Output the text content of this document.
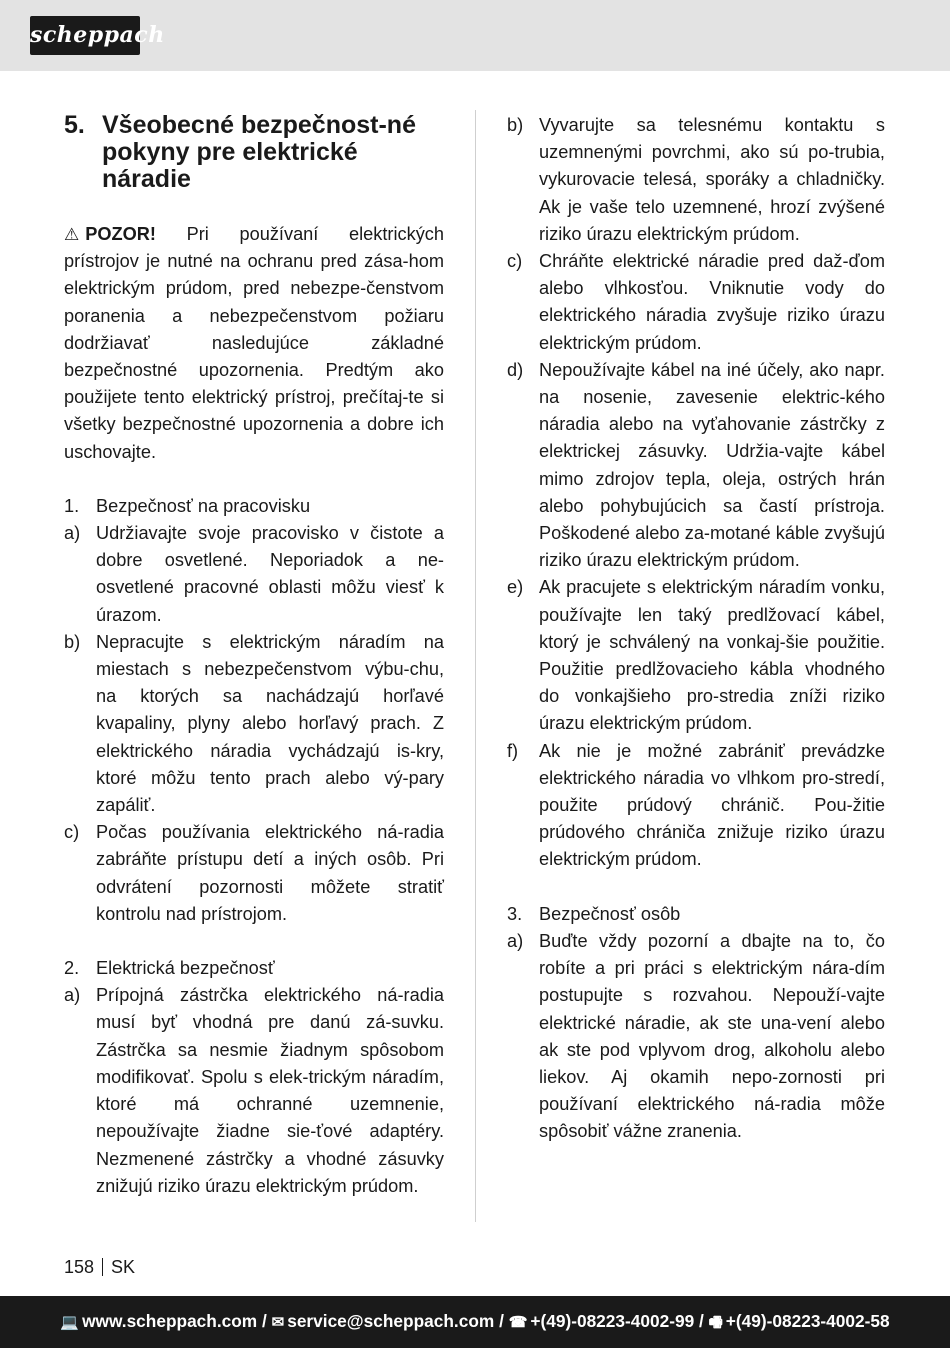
scheppach
5. Všeobecné bezpečnost-né pokyny pre elektrické náradie
⚠ POZOR! Pri používaní elektrických prístrojov je nutné na ochranu pred zása-hom elektrickým prúdom, pred nebezpe-čenstvom poranenia a nebezpečenstvom požiaru dodržiavať nasledujúce základné bezpečnostné upozornenia. Predtým ako použijete tento elektrický prístroj, prečítaj-te si všetky bezpečnostné upozornenia a dobre ich uschovajte.
1. Bezpečnosť na pracovisku
a) Udržiavajte svoje pracovisko v čistote a dobre osvetlené. Neporiadok a ne-osvetlené pracovné oblasti môžu viesť k úrazom.
b) Nepracujte s elektrickým náradím na miestach s nebezpečenstvom výbu-chu, na ktorých sa nachádzajú horľavé kvapaliny, plyny alebo horľavý prach. Z elektrického náradia vychádzajú is-kry, ktoré môžu tento prach alebo vý-pary zapáliť.
c) Počas používania elektrického ná-radia zabráňte prístupu detí a iných osôb. Pri odvrátení pozornosti môžete stratiť kontrolu nad prístrojom.
2. Elektrická bezpečnosť
a) Prípojná zástrčka elektrického ná-radia musí byť vhodná pre danú zá-suvku. Zástrčka sa nesmie žiadnym spôsobom modifikovať. Spolu s elek-trickým náradím, ktoré má ochranné uzemnenie, nepoužívajte žiadne sie-ťové adaptéry. Nezmenené zástrčky a vhodné zásuvky znižujú riziko úrazu elektrickým prúdom.
b) Vyvarujte sa telesnému kontaktu s uzemnenými povrchmi, ako sú po-trubia, vykurovacie telesá, sporáky a chladničky. Ak je vaše telo uzemnené, hrozí zvýšené riziko úrazu elektrickým prúdom.
c) Chráňte elektrické náradie pred daž-ďom alebo vlhkosťou. Vniknutie vody do elektrického náradia zvyšuje riziko úrazu elektrickým prúdom.
d) Nepoužívajte kábel na iné účely, ako napr. na nosenie, zavesenie elektric-kého náradia alebo na vyťahovanie zástrčky z elektrickej zásuvky. Udržia-vajte kábel mimo zdrojov tepla, oleja, ostrých hrán alebo pohybujúcich sa častí prístroja. Poškodené alebo za-motané káble zvyšujú riziko úrazu elektrickým prúdom.
e) Ak pracujete s elektrickým náradím vonku, používajte len taký predlžovací kábel, ktorý je schválený na vonkaj-šie použitie. Použitie predlžovacieho kábla vhodného do vonkajšieho pro-stredia zníži riziko úrazu elektrickým prúdom.
f)	Ak nie je možné zabrániť prevádzke elektrického náradia vo vlhkom pro-stredí, použite prúdový chránič. Pou-žitie prúdového chrániča znižuje riziko úrazu elektrickým prúdom.
3. Bezpečnosť osôb
a) Buďte vždy pozorní a dbajte na to, čo robíte a pri práci s elektrickým nára-dím postupujte s rozvahou. Nepouží-vajte elektrické náradie, ak ste una-vení alebo ak ste pod vplyvom drog, alkoholu alebo liekov. Aj okamih nepo-zornosti pri používaní elektrického ná-radia môže spôsobiť vážne zranenia.
158 SK
💻 www.scheppach.com / ✉ service@scheppach.com / ☎ +(49)-08223-4002-99 / 🖷 +(49)-08223-4002-58
